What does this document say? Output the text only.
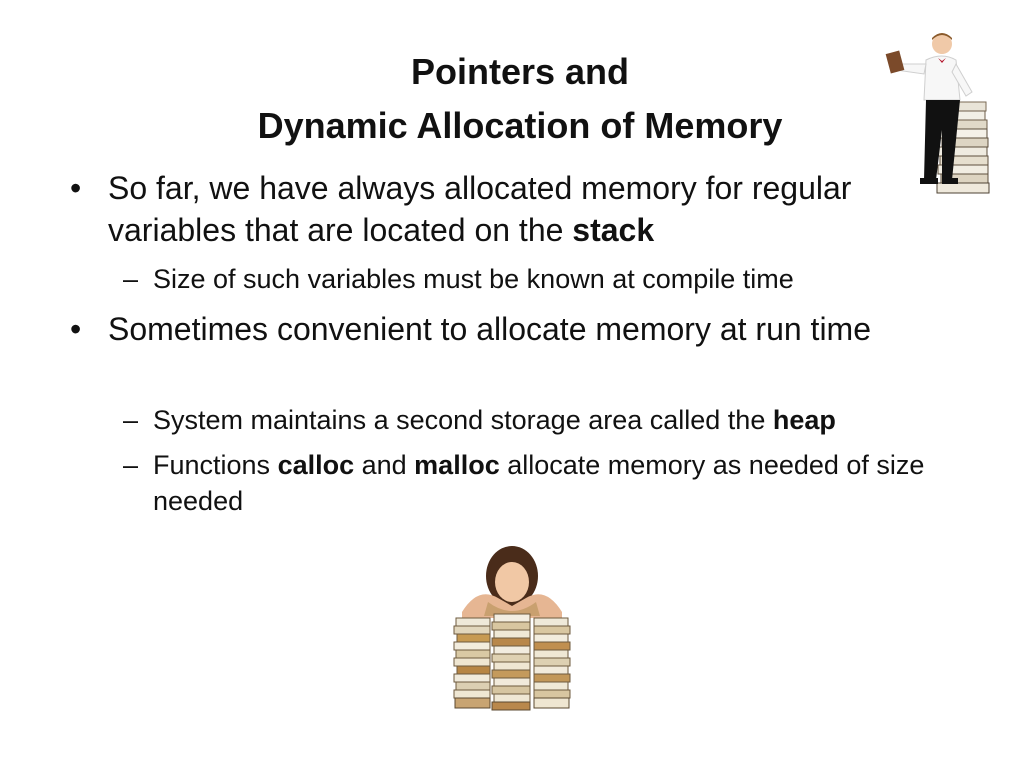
Pointers and
Dynamic Allocation of Memory
• So far, we have always allocated memory for regular variables that are located on the stack
– Size of such variables must be known at compile time
• Sometimes convenient to allocate memory at run time
– System maintains a second storage area called the heap
– Functions calloc and malloc allocate memory as needed of size needed
